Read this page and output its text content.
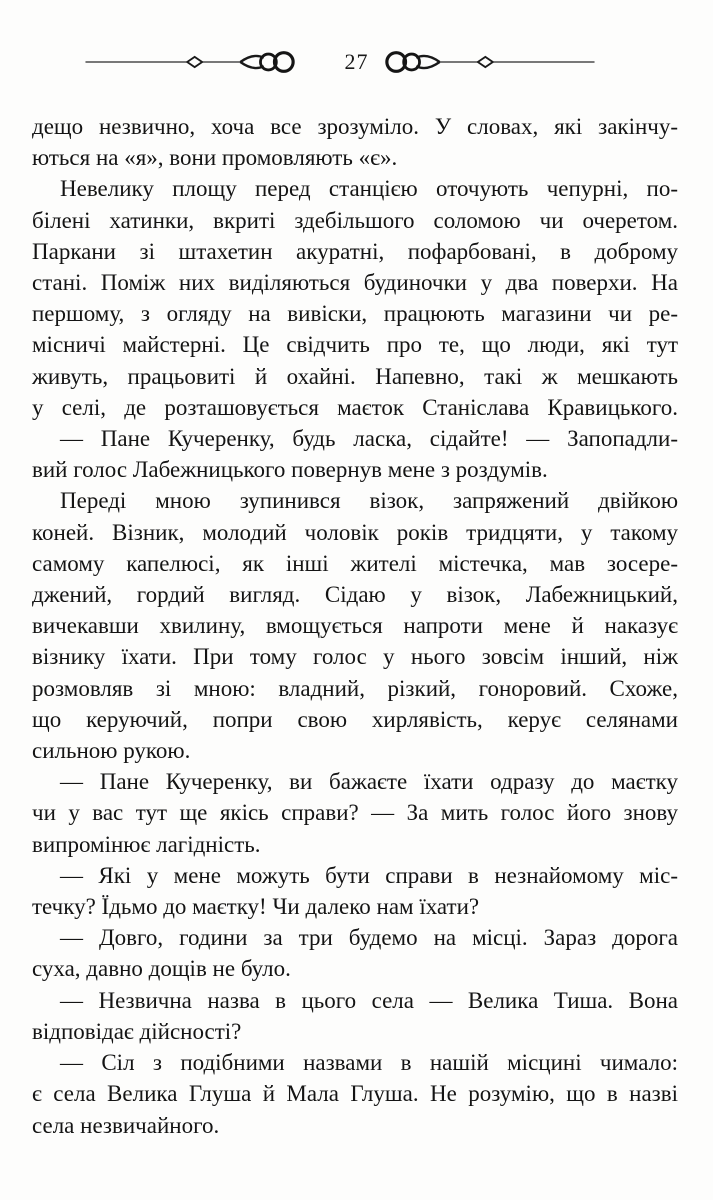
27
дещо незвично, хоча все зрозуміло. У словах, які закінчу-
ються на «я», вони промовляють «є».
Невелику площу перед станцією оточують чепурні, по-
білені хатинки, вкриті здебільшого соломою чи очеретом.
Паркани зі штахетин акуратні, пофарбовані, в доброму
стані. Поміж них виділяються будиночки у два поверхи. На
першому, з огляду на вивіски, працюють магазини чи ре-
місничі майстерні. Це свідчить про те, що люди, які тут
живуть, працьовиті й охайні. Напевно, такі ж мешкають
у селі, де розташовується маєток Станіслава Кравицького.
— Пане Кучеренку, будь ласка, сідайте! — Запопадли-
вий голос Лабежницького повернув мене з роздумів.
Переді мною зупинився візок, запряжений двійкою
коней. Візник, молодий чоловік років тридцяти, у такому
самому капелюсі, як інші жителі містечка, мав зосере-
джений, гордий вигляд. Сідаю у візок, Лабежницький,
вичекавши хвилину, вмощується напроти мене й наказує
візнику їхати. При тому голос у нього зовсім інший, ніж
розмовляв зі мною: владний, різкий, гоноровий. Схоже,
що керуючий, попри свою хирлявість, керує селянами
сильною рукою.
— Пане Кучеренку, ви бажаєте їхати одразу до маєтку
чи у вас тут ще якісь справи? — За мить голос його знову
випромінює лагідність.
— Які у мене можуть бути справи в незнайомому міс-
течку? Їдьмо до маєтку! Чи далеко нам їхати?
— Довго, години за три будемо на місці. Зараз дорога
суха, давно дощів не було.
— Незвична назва в цього села — Велика Тиша. Вона
відповідає дійсності?
— Сіл з подібними назвами в нашій місцині чимало:
є села Велика Глуша й Мала Глуша. Не розумію, що в назві
села незвичайного.
